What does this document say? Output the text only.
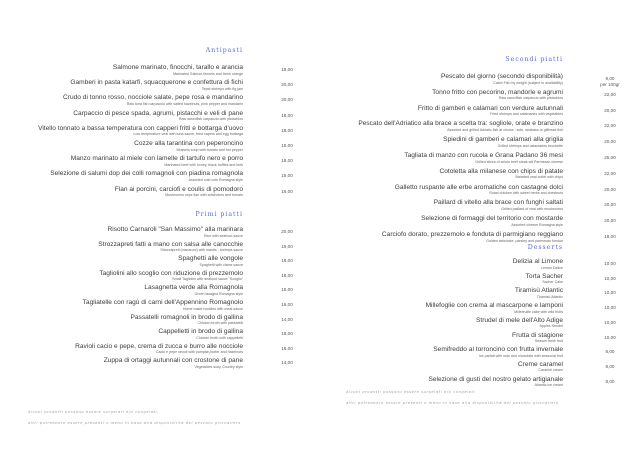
Antipasti
Salmone marinato, finocchi, tarallo e arancia
Marinated Salmon,fennels and fresh orange
19,00
Gamberi in pasta katarfi, squacquerone e confettura di fichi
Tepid shrimps with fig jam
20,00
Crudo di tonno rosso, nocciole salate, pepe rosa e mandarino
Raw tuna fish carpaccio with salted hazelnuts, pink pepper and mandarin
20,00
Carpaccio di pesce spada, agrumi, pistacchi e veli di pane
Raw swordfish carpaccio with pistachios
18,00
Vitello tonnato a bassa temperatura con capperi fritti e bottarga d'uovo
Low temperature veal with tuna sauce, fried capers and egg bottarga
18,00
Cozze alla tarantina con peperoncino
Mussels soup with tomato and hot pepper
16,00
Manzo marinato al miele con lamelle di tartufo nero e porro
Marinated beef with honey, black truffles and leek
18,00
Selezione di salumi dop dei colli romagnoli con piadina romagnola
Assorted cold cuts Romagna style
18,00
Flan ai porcini, carciofi e coulis di pomodoro
Mushrooms ceps flan with artichokes and tomato
16,00
Primi piatti
Risotto Carnaroli "San Massimo" alla marinara
Rice with seafood sauce
20,00
Strozzapreti fatti a mano con salsa alle canocchie
Strozzapreti (macaroni) with mantis - shrimps sauce
19,00
Spaghetti alle vongole
Spaghetti with clams sauce
18,00
Tagliolini allo scoglio con riduzione di prezzemolo
Small Tagliolini with seafood sauce "Scoglio"
18,00
Lasagnetta verde alla Romagnola
Green lasagna Romagna style
16,00
Tagliatelle con ragù di carni dell'Appennino Romagnolo
Home made noodles with meat sauce
16,00
Passatelli romagnoli in brodo di gallina
Chicken broth with passatelli
14,00
Cappelletti in brodo di gallina
Chicken broth with cappelletti
18,00
Ravioli cacio e pepe, crema di zucca e burro alle nocciole
Cacio e pepe ravioli with pumpkin,butter and hazelnuts
16,00
Zuppa di ortaggi autunnali con crostone di pane
Vegetables soup Country style
14,00
Secondi piatti
Pescato del giorno (secondo disponibilità)
Catch Fish by weight (subject to availability)
9,00
per 100gr
Tonno fritto con pecorino, mandorle e agrumi
Raw swordfish carpaccio with pistachios
22,00
Fritto di gamberi e calamari con verdure autunnali
Fried shrimps and calamaries with vegetables
20,00
Pescato dell'Adriatico alla brace a scelta tra: sogliole, orate e branzino
Assorted and grilled Adriatic fish at choice : sole, seabass or gilthead fish
22,00
Spiedini di gamberi e calamari alla griglia
Grilled shrimps and calamaries brochette
20,00
Tagliata di manzo con rucola e Grana Padano 36 mesi
Grilled slices of sirloin beef steak wit Parmesan cheese
25,00
Cotoletta alla milanese con chips di patate
Breaded veal cutlet with chips
22,00
Galletto ruspante alle erbe aromatiche con castagne dolci
Roast chicken with sweet herbs and chestnuts
20,00
Paillard di vitello alla brace con funghi saltati
Grilled paillard of veal with mushrooms
20,00
Selezione di formaggi del territorio con mostarde
Assorted cheese Romagna style
20,00
Carciofo dorato, prezzemolo e fonduta di parmigiano reggiano
Golden artichoke, parsley and parmesan fondue
18,00
Desserts
Delizia al Limone
Lemon Delice
10,00
Torta Sacher
Sacher Cake
10,00
Tiramisù Atlantic
Tiramisù Atlantic
10,00
Millefoglie con crema al mascarpone e lamponi
Millefeuille cake with wild fruits
10,00
Strudel di mele dell'Alto Adige
Apples Strudel
10,00
Frutta di stagione
Season fresh fruit
10,00
Semifreddo al torroncino con frutta invernale
Ice parfait with nuts and chocolate with seasonal fruit
8,00
Creme caramel
Caramel cream
8,00
Selezione di gusti del nostro gelato artigianale
Atlantic ice cream
8,00
Alcuni prodotti possono essere surgelati e/o congelati,
altri potrebbero essere presenti o meno in base alla disponibilità del pescato giornaliero
Alcuni prodotti possono essere surgelati e/o congelati,
altri potrebbero essere presenti o meno in base alla disponibilità del pescato giornaliero
